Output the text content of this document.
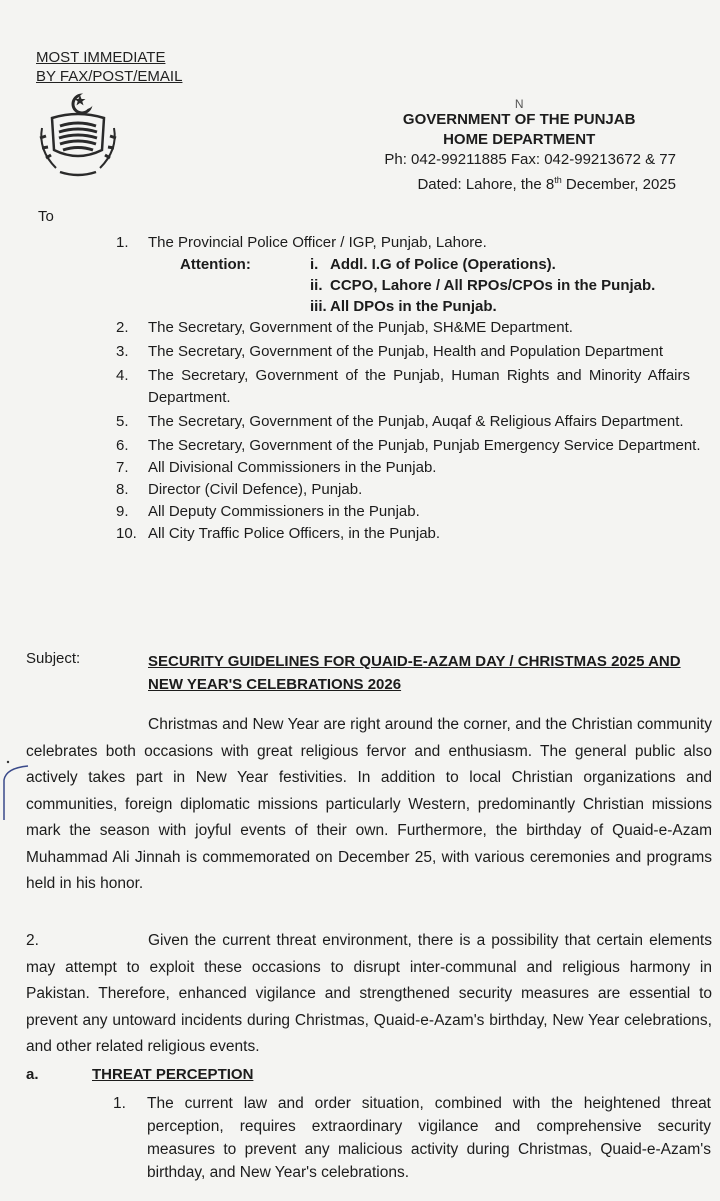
MOST IMMEDIATE
BY FAX/POST/EMAIL
N
GOVERNMENT OF THE PUNJAB
HOME DEPARTMENT
Ph: 042-99211885 Fax: 042-99213672 & 77
Dated: Lahore, the 8th December, 2025
To
1.	The Provincial Police Officer / IGP, Punjab, Lahore.
Attention:	i. Addl. I.G of Police (Operations).
ii. CCPO, Lahore / All RPOs/CPOs in the Punjab.
iii. All DPOs in the Punjab.
2.	The Secretary, Government of the Punjab, SH&ME Department.
3.	The Secretary, Government of the Punjab, Health and Population Department
4.	The Secretary, Government of the Punjab, Human Rights and Minority Affairs Department.
5.	The Secretary, Government of the Punjab, Auqaf & Religious Affairs Department.
6.	The Secretary, Government of the Punjab, Punjab Emergency Service Department.
7.	All Divisional Commissioners in the Punjab.
8.	Director (Civil Defence), Punjab.
9.	All Deputy Commissioners in the Punjab.
10. All City Traffic Police Officers, in the Punjab.
Subject:	SECURITY GUIDELINES FOR QUAID-E-AZAM DAY / CHRISTMAS 2025 AND NEW YEAR'S CELEBRATIONS 2026
Christmas and New Year are right around the corner, and the Christian community celebrates both occasions with great religious fervor and enthusiasm. The general public also actively takes part in New Year festivities. In addition to local Christian organizations and communities, foreign diplomatic missions particularly Western, predominantly Christian missions mark the season with joyful events of their own. Furthermore, the birthday of Quaid-e-Azam Muhammad Ali Jinnah is commemorated on December 25, with various ceremonies and programs held in his honor.
2.	Given the current threat environment, there is a possibility that certain elements may attempt to exploit these occasions to disrupt inter-communal and religious harmony in Pakistan. Therefore, enhanced vigilance and strengthened security measures are essential to prevent any untoward incidents during Christmas, Quaid-e-Azam's birthday, New Year celebrations, and other related religious events.
a.	THREAT PERCEPTION
1.	The current law and order situation, combined with the heightened threat perception, requires extraordinary vigilance and comprehensive security measures to prevent any malicious activity during Christmas, Quaid-e-Azam's birthday, and New Year's celebrations.
